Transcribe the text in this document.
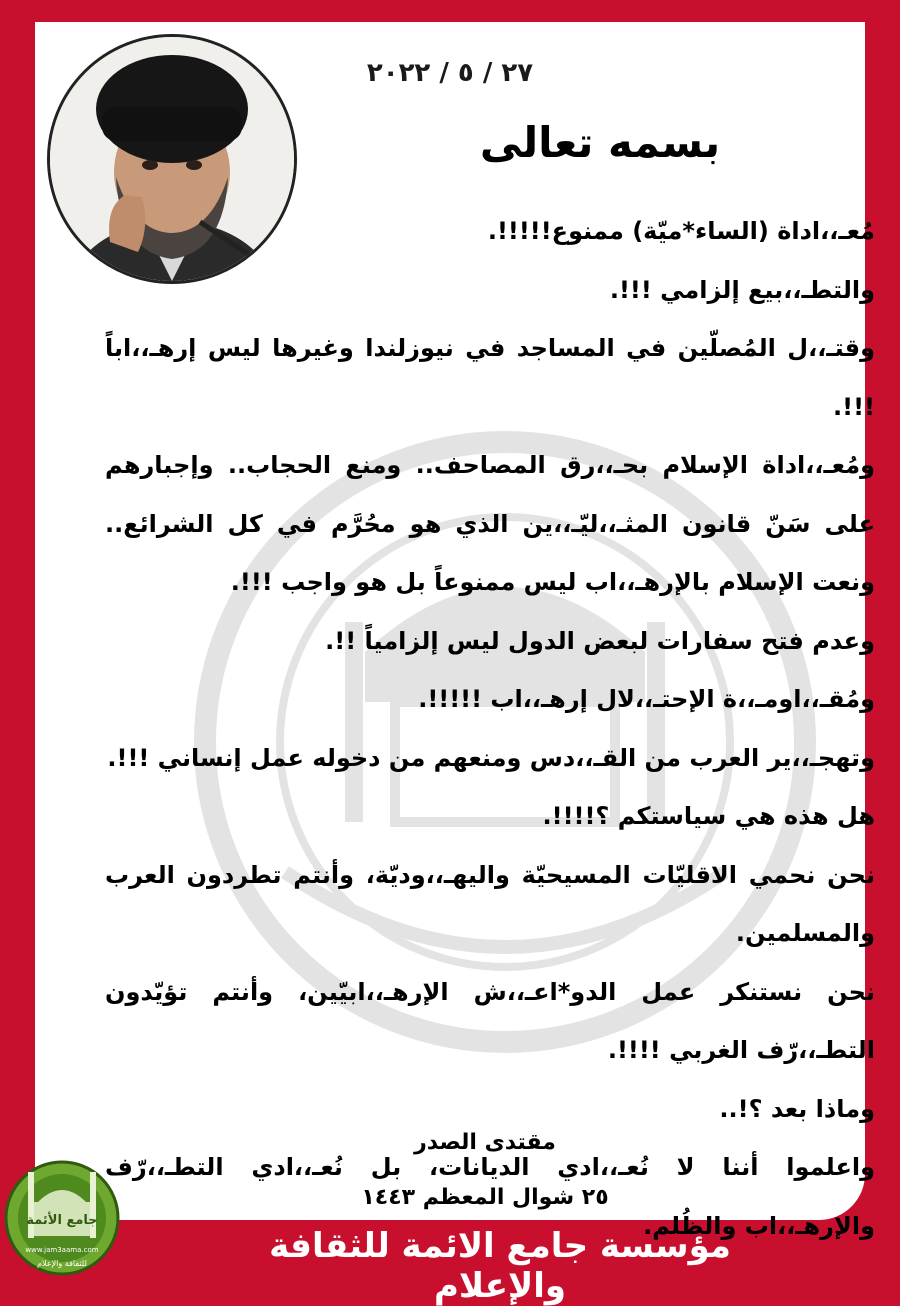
٢٧ / ٥ / ٢٠٢٢
بسمه تعالى

مُعـ،،اداة (الساء*ميّة) ممنوع!!!!!.

والتطـ،،بيع إلزامي !!!.

وقتـ،،ل المُصلّين في المساجد في نيوزلندا وغيرها ليس إرهـ،،اباً !!!.

ومُعـ،،اداة الإسلام بحـ،،رق المصاحف.. ومنع الحجاب.. وإجبارهم على سَنّ قانون المثـ،،ليّـ،،ين الذي هو محُرَّم في كل الشرائع.. ونعت الإسلام بالإرهـ،،اب ليس ممنوعاً بل هو واجب !!!.

وعدم فتح سفارات لبعض الدول ليس إلزامياً !!.

ومُقـ،،اومـ،،ة الإحتـ،،لال إرهـ،،اب !!!!!.

وتهجـ،،ير العرب من القـ،،دس ومنعهم من دخوله عمل إنساني !!!.

هل هذه هي سياستكم ؟!!!!.

نحن نحمي الاقليّات المسيحيّة واليهـ،،وديّة، وأنتم تطردون العرب والمسلمين.

نحن نستنكر عمل الدو*اعـ،،ش الإرهـ،،ابيّين، وأنتم تؤيّدون التطـ،،رّف الغربي !!!!.

وماذا بعد ؟!..

واعلموا أننا لا نُعـ،،ادي الديانات، بل نُعـ،،ادي التطـ،،رّف والإرهـ،،اب والظُلم.

مقتدى الصدر
٢٥ شوال المعظم ١٤٤٣
مؤسسة جامع الائمة للثقافة والإعلام
جامع الأئمة
www.jam3aama.com
للثقافة والإعلام
